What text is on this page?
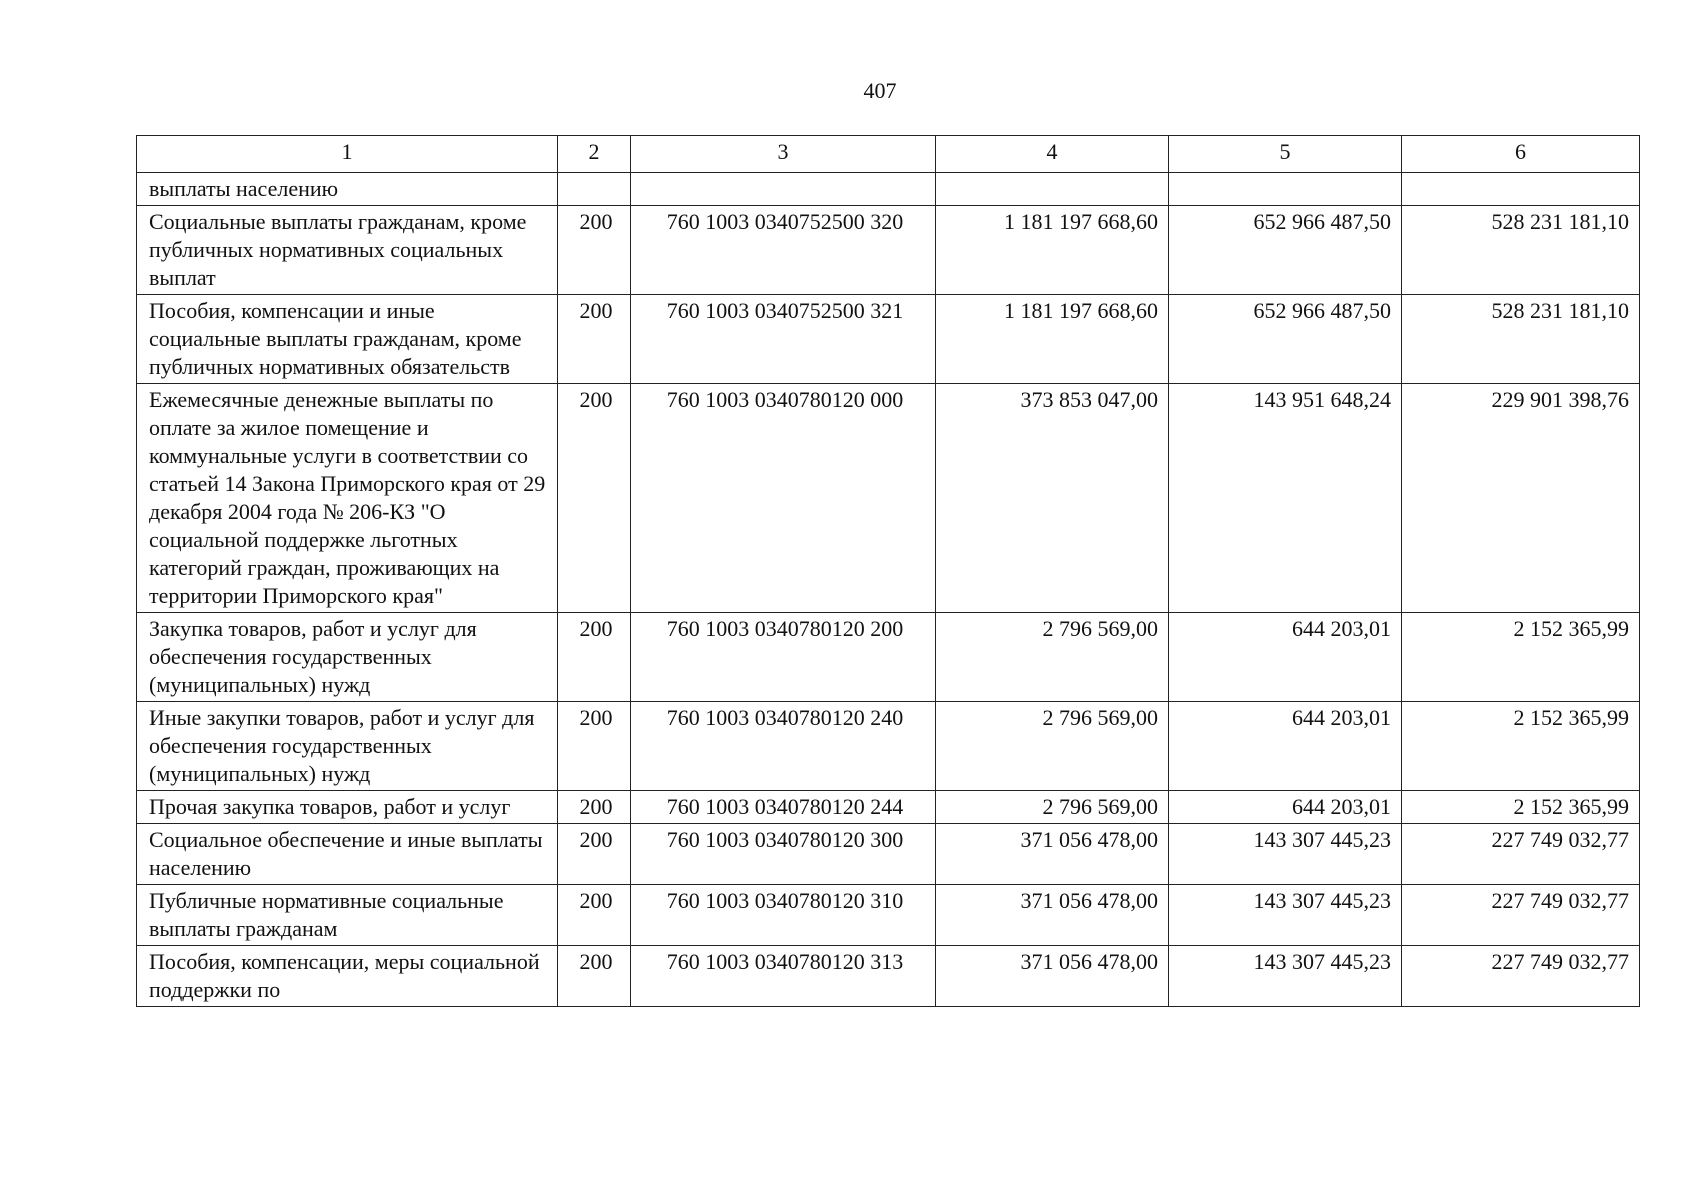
407
1	2	3	4	5	6
выплаты населению					
Социальные выплаты гражданам, кроме публичных нормативных социальных выплат	200	760 1003 0340752500 320	1 181 197 668,60	652 966 487,50	528 231 181,10
Пособия, компенсации и иные социальные выплаты гражданам, кроме публичных нормативных обязательств	200	760 1003 0340752500 321	1 181 197 668,60	652 966 487,50	528 231 181,10
Ежемесячные денежные выплаты по оплате за жилое помещение и коммунальные услуги в соответствии со статьей 14 Закона Приморского края от 29 декабря 2004 года № 206-КЗ "О социальной поддержке льготных категорий граждан, проживающих на территории Приморского края"	200	760 1003 0340780120 000	373 853 047,00	143 951 648,24	229 901 398,76
Закупка товаров, работ и услуг для обеспечения государственных (муниципальных) нужд	200	760 1003 0340780120 200	2 796 569,00	644 203,01	2 152 365,99
Иные закупки товаров, работ и услуг для обеспечения государственных (муниципальных) нужд	200	760 1003 0340780120 240	2 796 569,00	644 203,01	2 152 365,99
Прочая закупка товаров, работ и услуг	200	760 1003 0340780120 244	2 796 569,00	644 203,01	2 152 365,99
Социальное обеспечение и иные выплаты населению	200	760 1003 0340780120 300	371 056 478,00	143 307 445,23	227 749 032,77
Публичные нормативные социальные выплаты гражданам	200	760 1003 0340780120 310	371 056 478,00	143 307 445,23	227 749 032,77
Пособия, компенсации, меры социальной поддержки по	200	760 1003 0340780120 313	371 056 478,00	143 307 445,23	227 749 032,77
